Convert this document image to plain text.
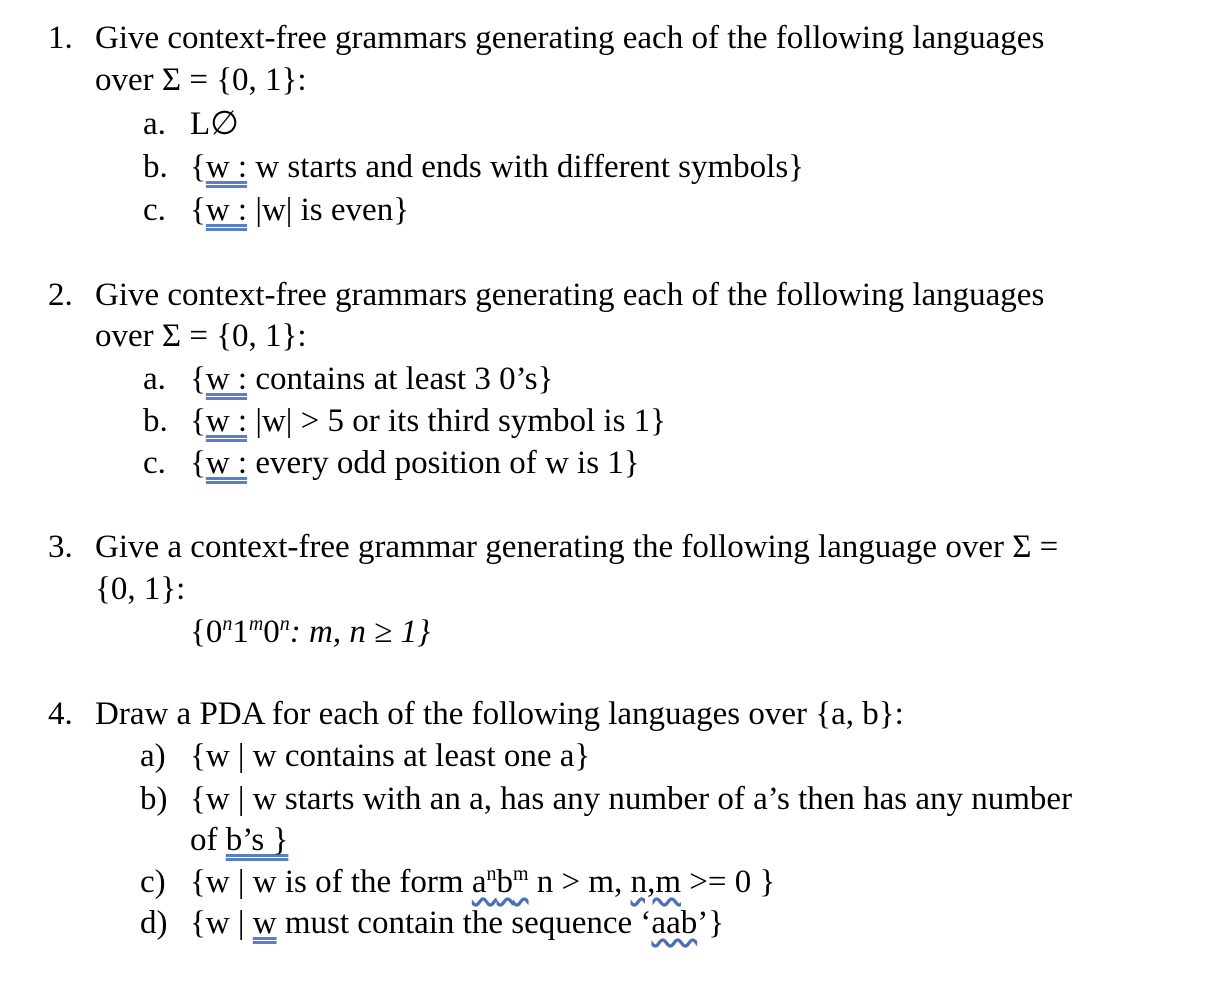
1. Give context-free grammars generating each of the following languages
over Σ = {0, 1}:
a. L∅
b. {w : w starts and ends with different symbols}
c. {w : |w| is even}
2. Give context-free grammars generating each of the following languages
over Σ = {0, 1}:
a. {w : contains at least 3 0’s}
b. {w : |w| > 5 or its third symbol is 1}
c. {w : every odd position of w is 1}
3. Give a context-free grammar generating the following language over Σ =
{0, 1}:
{0$^n$1$^m$0$^n$: m, n ≥ 1}
4. Draw a PDA for each of the following languages over {a, b}:
a) {w | w contains at least one a}
b) {w | w starts with an a, has any number of a’s then has any number
of b’s }
c) {w | w is of the form $a^nb^m$ n > m, n,m >= 0 }
d) {w | w must contain the sequence ‘aab’}
